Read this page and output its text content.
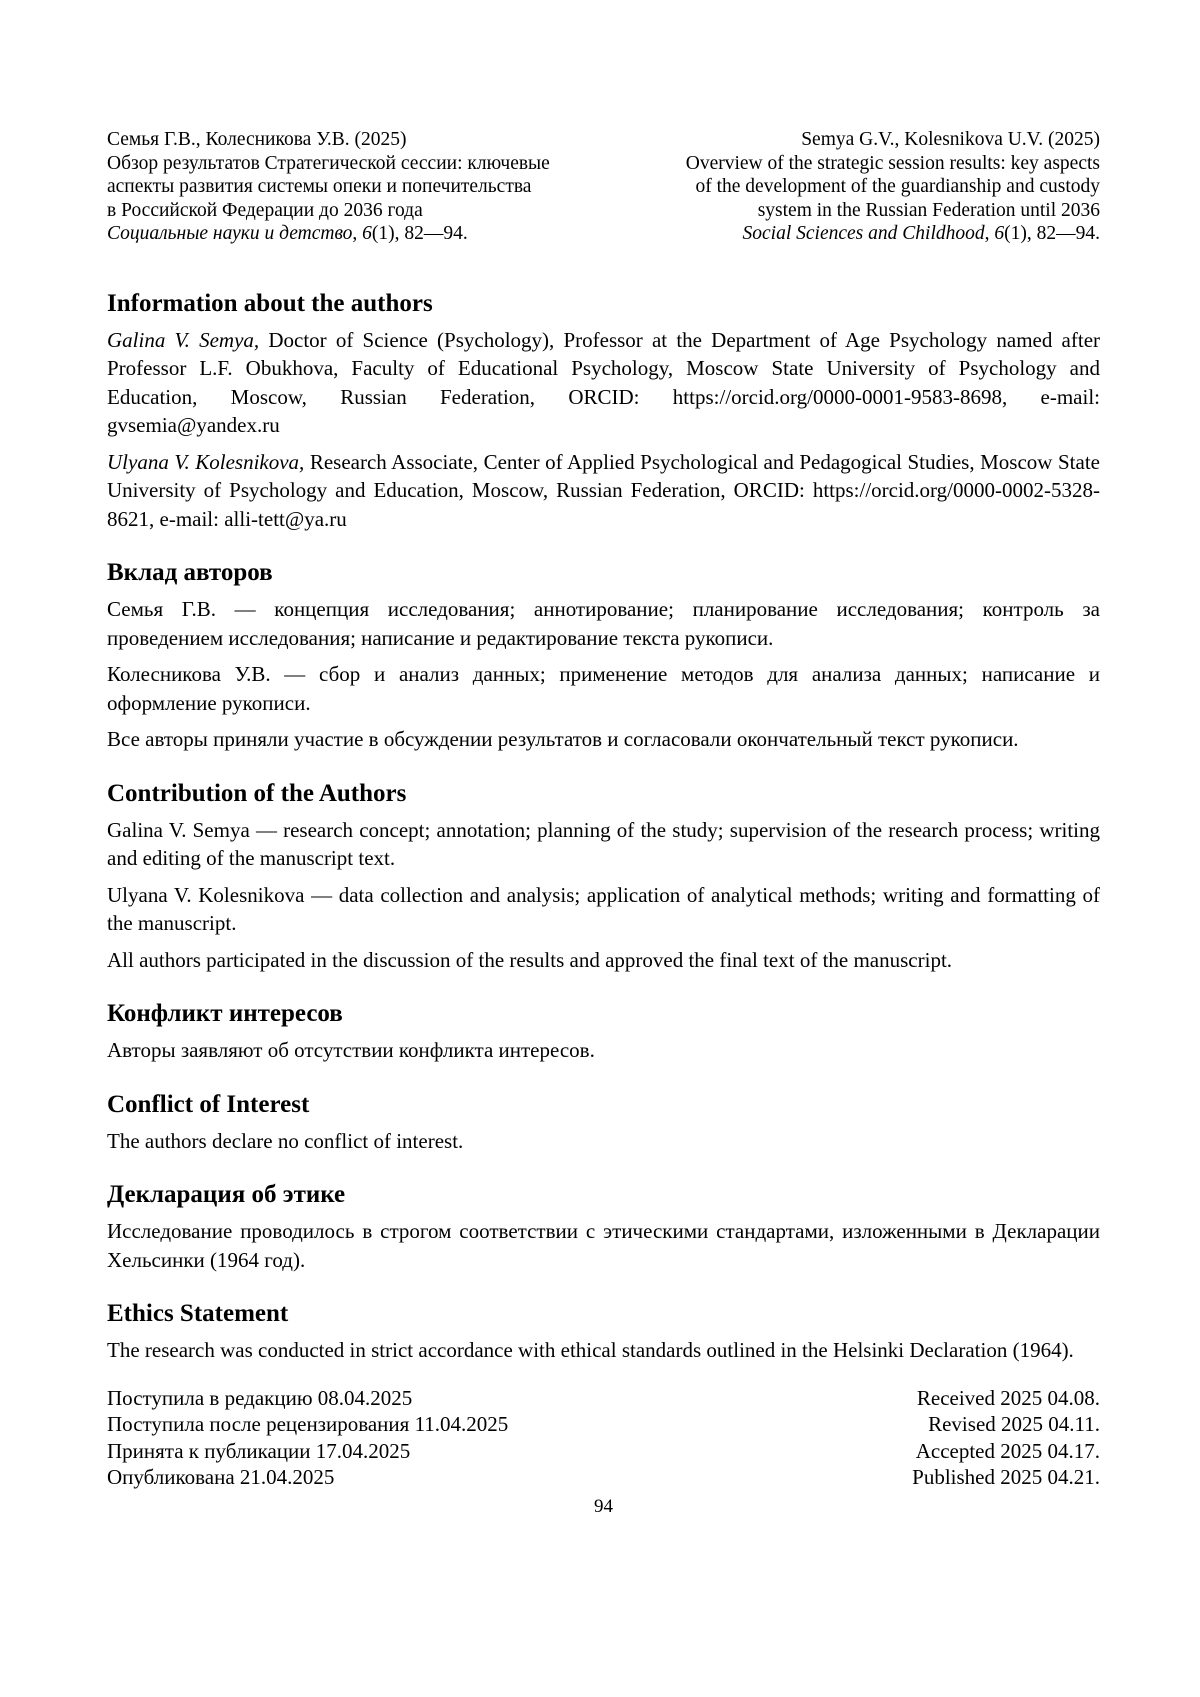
Семья Г.В., Колесникова У.В. (2025)
Обзор результатов Стратегической сессии: ключевые
аспекты развития системы опеки и попечительства
в Российской Федерации до 2036 года
Социальные науки и детство, 6(1), 82—94.
Semya G.V., Kolesnikova U.V. (2025)
Overview of the strategic session results: key aspects
of the development of the guardianship and custody
system in the Russian Federation until 2036
Social Sciences and Childhood, 6(1), 82—94.
Information about the authors

Galina V. Semya, Doctor of Science (Psychology), Professor at the Department of Age Psychology named after Professor L.F. Obukhova, Faculty of Educational Psychology, Moscow State University of Psychology and Education, Moscow, Russian Federation, ORCID: https://orcid.org/0000-0001-9583-8698, e-mail: gvsemia@yandex.ru

Ulyana V. Kolesnikova, Research Associate, Center of Applied Psychological and Pedagogical Studies, Moscow State University of Psychology and Education, Moscow, Russian Federation, ORCID: https://orcid.org/0000-0002-5328-8621, e-mail: alli-tett@ya.ru

Вклад авторов

Семья Г.В. — концепция исследования; аннотирование; планирование исследования; контроль за проведением исследования; написание и редактирование текста рукописи.

Колесникова У.В. — сбор и анализ данных; применение методов для анализа данных; написание и оформление рукописи.

Все авторы приняли участие в обсуждении результатов и согласовали окончательный текст рукописи.

Contribution of the Authors

Galina V. Semya — research concept; annotation; planning of the study; supervision of the research process; writing and editing of the manuscript text.

Ulyana V. Kolesnikova — data collection and analysis; application of analytical methods; writing and formatting of the manuscript.

All authors participated in the discussion of the results and approved the final text of the manuscript.

Конфликт интересов

Авторы заявляют об отсутствии конфликта интересов.

Conflict of Interest

The authors declare no conflict of interest.

Декларация об этике

Исследование проводилось в строгом соответствии с этическими стандартами, изложенными в Декларации Хельсинки (1964 год).

Ethics Statement

The research was conducted in strict accordance with ethical standards outlined in the Helsinki Declaration (1964).

Поступила в редакцию 08.04.2025	Received 2025 04.08.
Поступила после рецензирования 11.04.2025	Revised 2025 04.11.
Принята к публикации 17.04.2025	Accepted 2025 04.17.
Опубликована 21.04.2025	Published 2025 04.21.
94
